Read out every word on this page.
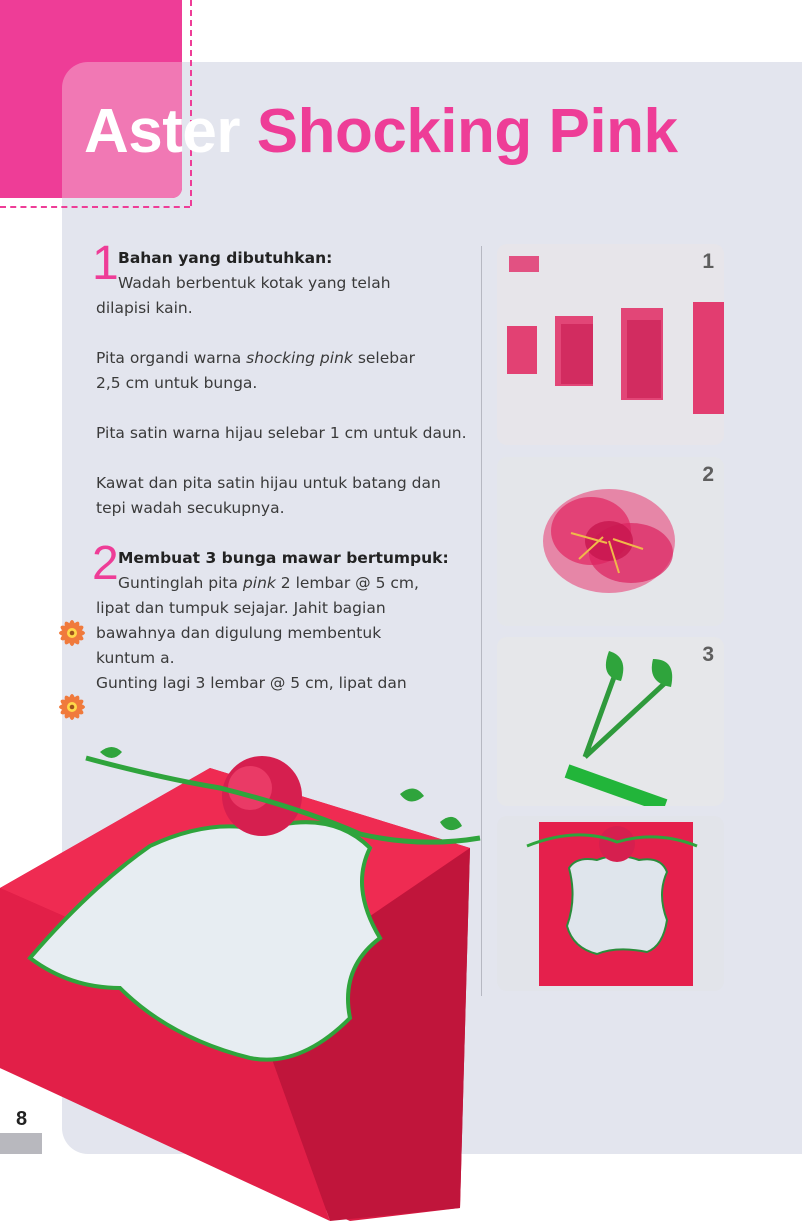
Aster Shocking Pink
1 Bahan yang dibutuhkan:
Wadah berbentuk kotak yang telah
dilapisi kain.
Pita organdi warna shocking pink selebar
2,5 cm untuk bunga.
Pita satin warna hijau selebar 1 cm untuk daun.
Kawat dan pita satin hijau untuk batang dan tepi wadah secukupnya.
2 Membuat 3 bunga mawar bertumpuk:
Guntinglah pita pink 2 lembar @ 5 cm,
lipat dan tumpuk sejajar. Jahit bagian bawahnya dan digulung membentuk kuntum a.
Gunting lagi 3 lembar @ 5 cm, lipat dan
1
2
3
8
